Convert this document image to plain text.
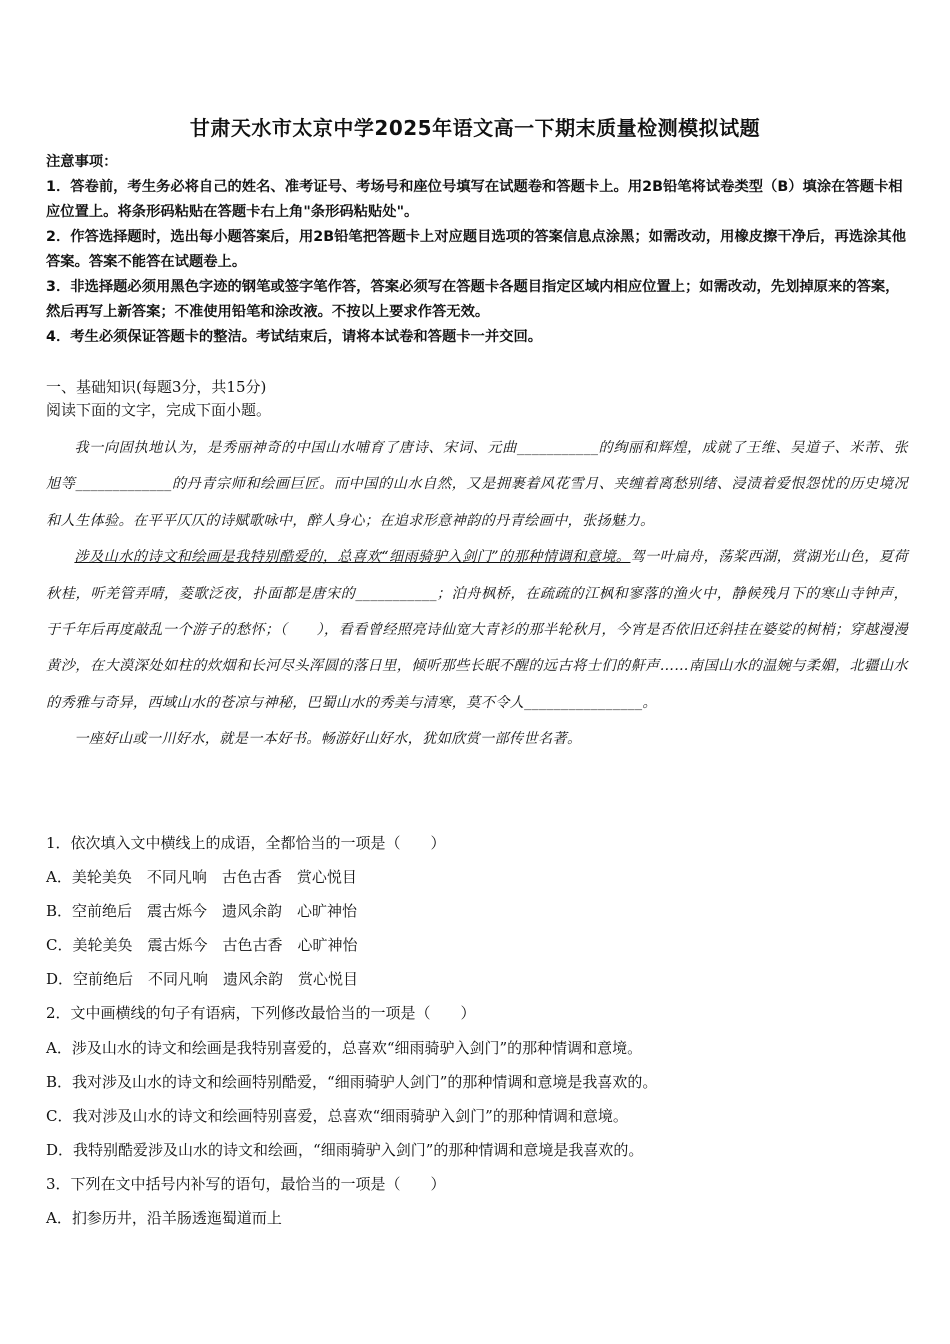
甘肃天水市太京中学2025年语文高一下期末质量检测模拟试题
注意事项：
1．答卷前，考生务必将自己的姓名、准考证号、考场号和座位号填写在试题卷和答题卡上。用2B铅笔将试卷类型（B）填涂在答题卡相应位置上。将条形码粘贴在答题卡右上角"条形码粘贴处"。
2．作答选择题时，选出每小题答案后，用2B铅笔把答题卡上对应题目选项的答案信息点涂黑；如需改动，用橡皮擦干净后，再选涂其他答案。答案不能答在试题卷上。
3．非选择题必须用黑色字迹的钢笔或签字笔作答，答案必须写在答题卡各题目指定区域内相应位置上；如需改动，先划掉原来的答案，然后再写上新答案；不准使用铅笔和涂改液。不按以上要求作答无效。
4．考生必须保证答题卡的整洁。考试结束后，请将本试卷和答题卡一并交回。
一、基础知识(每题3分，共15分)
阅读下面的文字，完成下面小题。

我一向固执地认为，是秀丽神奇的中国山水哺育了唐诗、宋词、元曲___________的绚丽和辉煌，成就了王维、吴道子、米芾、张旭等_____________的丹青宗师和绘画巨匠。而中国的山水自然，又是拥裹着风花雪月、夹缠着离愁别绪、浸渍着爱恨怨忧的历史境况和人生体验。在平平仄仄的诗赋歌咏中，醉人身心；在追求形意神韵的丹青绘画中，张扬魅力。

涉及山水的诗文和绘画是我特别酷爱的，总喜欢“细雨骑驴入剑门”的那种情调和意境。驾一叶扁舟，荡桨西湖，赏湖光山色，夏荷秋桂，听羌管弄晴，菱歌泛夜，扑面都是唐宋的___________；泊舟枫桥，在疏疏的江枫和寥落的渔火中，静候残月下的寒山寺钟声，于千年后再度敲乱一个游子的愁怀；（　　），看看曾经照亮诗仙宽大青衫的那半轮秋月，今宵是否依旧还斜挂在婆娑的树梢；穿越漫漫黄沙，在大漠深处如柱的炊烟和长河尽头浑圆的落日里，倾听那些长眠不醒的远古将士们的鼾声……南国山水的温婉与柔媚，北疆山水的秀雅与奇异，西域山水的苍凉与神秘，巴蜀山水的秀美与清寒，莫不令人________________。

一座好山或一川好水，就是一本好书。畅游好山好水，犹如欣赏一部传世名著。

1．依次填入文中横线上的成语，全都恰当的一项是（　　）
A．美轮美奂　不同凡响　古色古香　赏心悦目
B．空前绝后　震古烁今　遗风余韵　心旷神怡
C．美轮美奂　震古烁今　古色古香　心旷神怡
D．空前绝后　不同凡响　遗风余韵　赏心悦目
2．文中画横线的句子有语病，下列修改最恰当的一项是（　　）
A．涉及山水的诗文和绘画是我特别喜爱的，总喜欢“细雨骑驴入剑门”的那种情调和意境。
B．我对涉及山水的诗文和绘画特别酷爱，“细雨骑驴人剑门”的那种情调和意境是我喜欢的。
C．我对涉及山水的诗文和绘画特别喜爱，总喜欢“细雨骑驴入剑门”的那种情调和意境。
D．我特别酷爱涉及山水的诗文和绘画，“细雨骑驴入剑门”的那种情调和意境是我喜欢的。
3．下列在文中括号内补写的语句，最恰当的一项是（　　）
A．扪参历井，沿羊肠透迤蜀道而上
